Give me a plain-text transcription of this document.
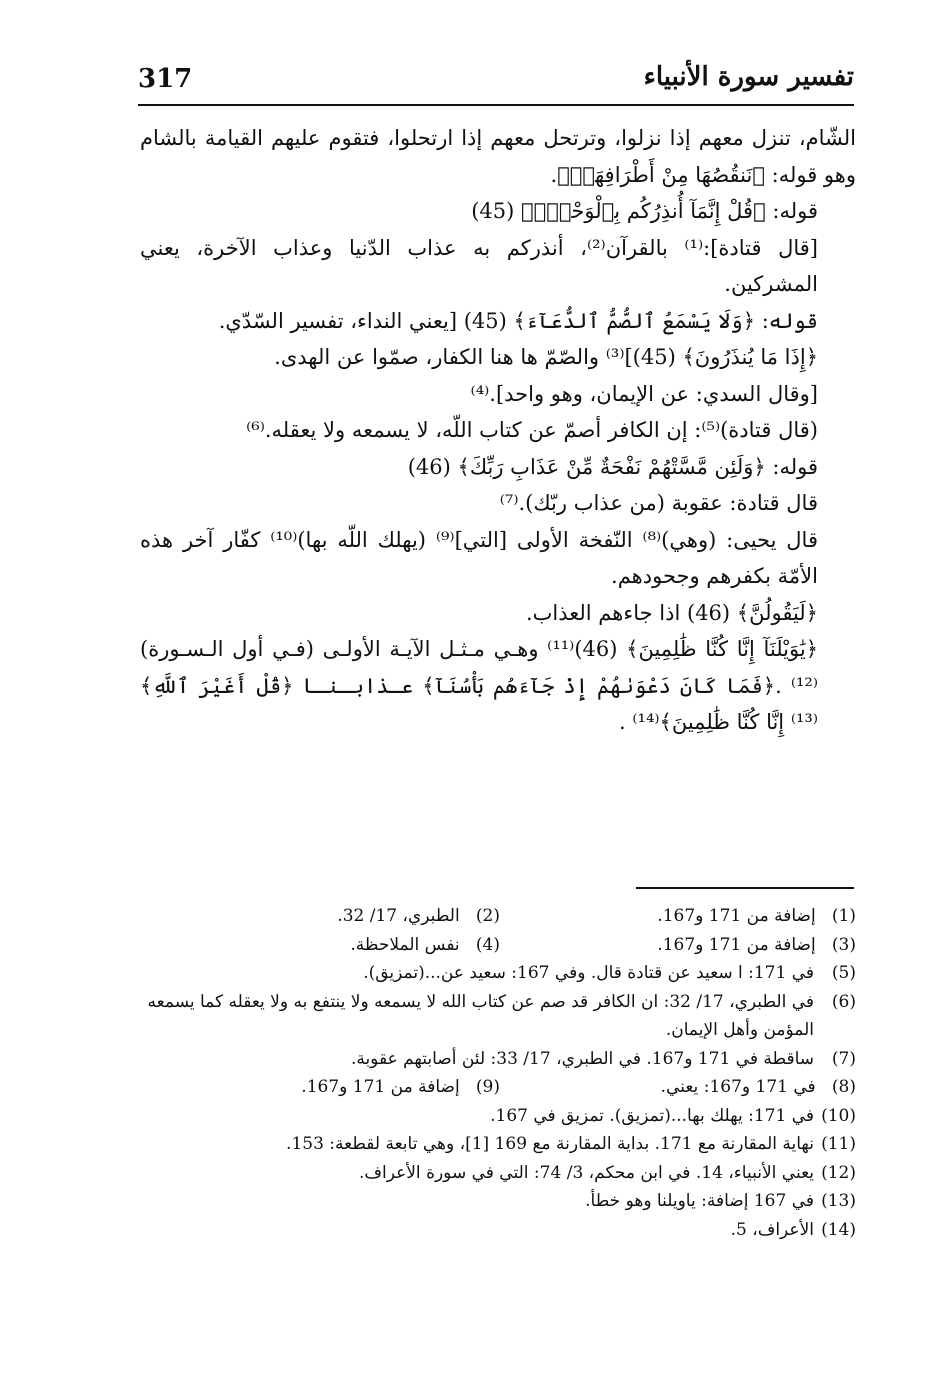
317	تفسير سورة الأنبياء

الشّام، تنزل معهم إذا نزلوا، وترتحل معهم إذا ارتحلوا، فتقوم عليهم القيامة بالشام وهو قوله: ﴿نَنقُصُهَا مِنْ أَطْرَافِهَاۚ﴾.

قوله: ﴿قُلْ إِنَّمَآ أُنذِرُكُم بِٱلْوَحْيِۚ﴾ (45)

[قال قتادة]:⁽¹⁾ بالقرآن⁽²⁾، أنذركم به عذاب الدّنيا وعذاب الآخرة، يعني المشركين.

قوله: ﴿وَلَا يَسْمَعُ ٱلصُّمُّ ٱلدُّعَآءَ﴾ (45) [يعني النداء، تفسير السّدّي.

﴿إِذَا مَا يُنذَرُونَ﴾ (45)]⁽³⁾ والصّمّ ها هنا الكفار، صمّوا عن الهدى.

[وقال السدي: عن الإيمان، وهو واحد].⁽⁴⁾

(قال قتادة)⁽⁵⁾: إن الكافر أصمّ عن كتاب اللّه، لا يسمعه ولا يعقله.⁽⁶⁾

قوله: ﴿وَلَئِن مَّسَّتْهُمْ نَفْحَةٌ مِّنْ عَذَابِ رَبِّكَ﴾ (46)

قال قتادة: عقوبة (من عذاب ربّك).⁽⁷⁾

قال يحيى: (وهي)⁽⁸⁾ النّفخة الأولى [التي]⁽⁹⁾ (يهلك اللّه بها)⁽¹⁰⁾ كفّار آخر هذه الأمّة بكفرهم وجحودهم.

﴿لَيَقُولُنَّ﴾ (46) اذا جاءهم العذاب.

﴿يَٰوَيْلَنَآ إِنَّا كُنَّا ظَٰلِمِينَ﴾ (46)⁽¹¹⁾ وهـي مـثـل الآيـة الأولـى (فـي أول الـسـورة)⁽¹²⁾ .﴿فَمَا كَانَ دَعْوَىٰهُمْ إِذْ جَآءَهُم بَأْسُنَآ﴾ عـذابـنـا ﴿قُلْ أَغَيْرَ ٱللَّهِ﴾⁽¹³⁾ إِنَّا كُنَّا ظَٰلِمِينَ﴾⁽¹⁴⁾ .

(1)   إضافة من 171 و167.
(2)   الطبري، 17/ 32.
(3)   إضافة من 171 و167.
(4)   نفس الملاحظة.

(5)
في 171: ا سعيد عن قتادة قال. وفي 167: سعيد عن...(تمزيق).

(6)
في الطبري، 17/ 32: ان الكافر قد صم عن كتاب الله لا يسمعه ولا ينتفع به ولا يعقله كما يسمعه المؤمن وأهل الإيمان.

(7)
ساقطة في 171 و167. في الطبري، 17/ 33: لئن أصابتهم عقوبة.

(8)   في 171 و167: يعني.
(9)   إضافة من 171 و167.

(10)
في 171: يهلك بها...(تمزيق). تمزيق في 167.

(11)
نهاية المقارنة مع 171. بداية المقارنة مع 169 [1]، وهي تابعة لقطعة: 153.

(12)
يعني الأنبياء، 14. في ابن محكم، 3/ 74: التي في سورة الأعراف.

(13)
في 167 إضافة: ياويلنا وهو خطأ.

(14)
الأعراف، 5.
